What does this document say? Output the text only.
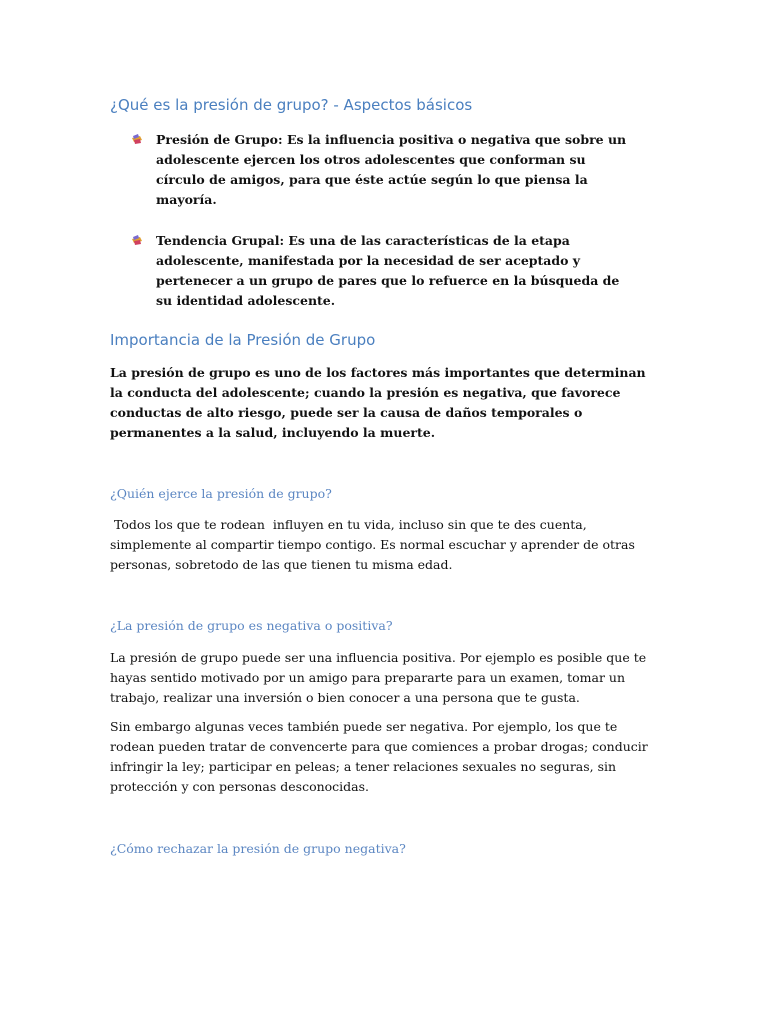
¿Qué es la presión de grupo? - Aspectos básicos
Presión de Grupo: Es la influencia positiva o negativa que sobre un adolescente ejercen los otros adolescentes que conforman su círculo de amigos, para que éste actúe según lo que piensa la mayoría.
Tendencia Grupal: Es una de las características de la etapa adolescente, manifestada por la necesidad de ser aceptado y pertenecer a un grupo de pares que lo refuerce en la búsqueda de su identidad adolescente.
Importancia de la Presión de Grupo

La presión de grupo es uno de los factores más importantes que determinan la conducta del adolescente; cuando la presión es negativa, que favorece conductas de alto riesgo, puede ser la causa de daños temporales o permanentes a la salud, incluyendo la muerte.

¿Quién ejerce la presión de grupo?

Todos los que te rodean  influyen en tu vida, incluso sin que te des cuenta, simplemente al compartir tiempo contigo. Es normal escuchar y aprender de otras personas, sobretodo de las que tienen tu misma edad.

¿La presión de grupo es negativa o positiva?

La presión de grupo puede ser una influencia positiva. Por ejemplo es posible que te hayas sentido motivado por un amigo para prepararte para un examen, tomar un trabajo, realizar una inversión o bien conocer a una persona que te gusta.

Sin embargo algunas veces también puede ser negativa. Por ejemplo, los que te rodean pueden tratar de convencerte para que comiences a probar drogas; conducir infringir la ley; participar en peleas; a tener relaciones sexuales no seguras, sin protección y con personas desconocidas.

¿Cómo rechazar la presión de grupo negativa?
